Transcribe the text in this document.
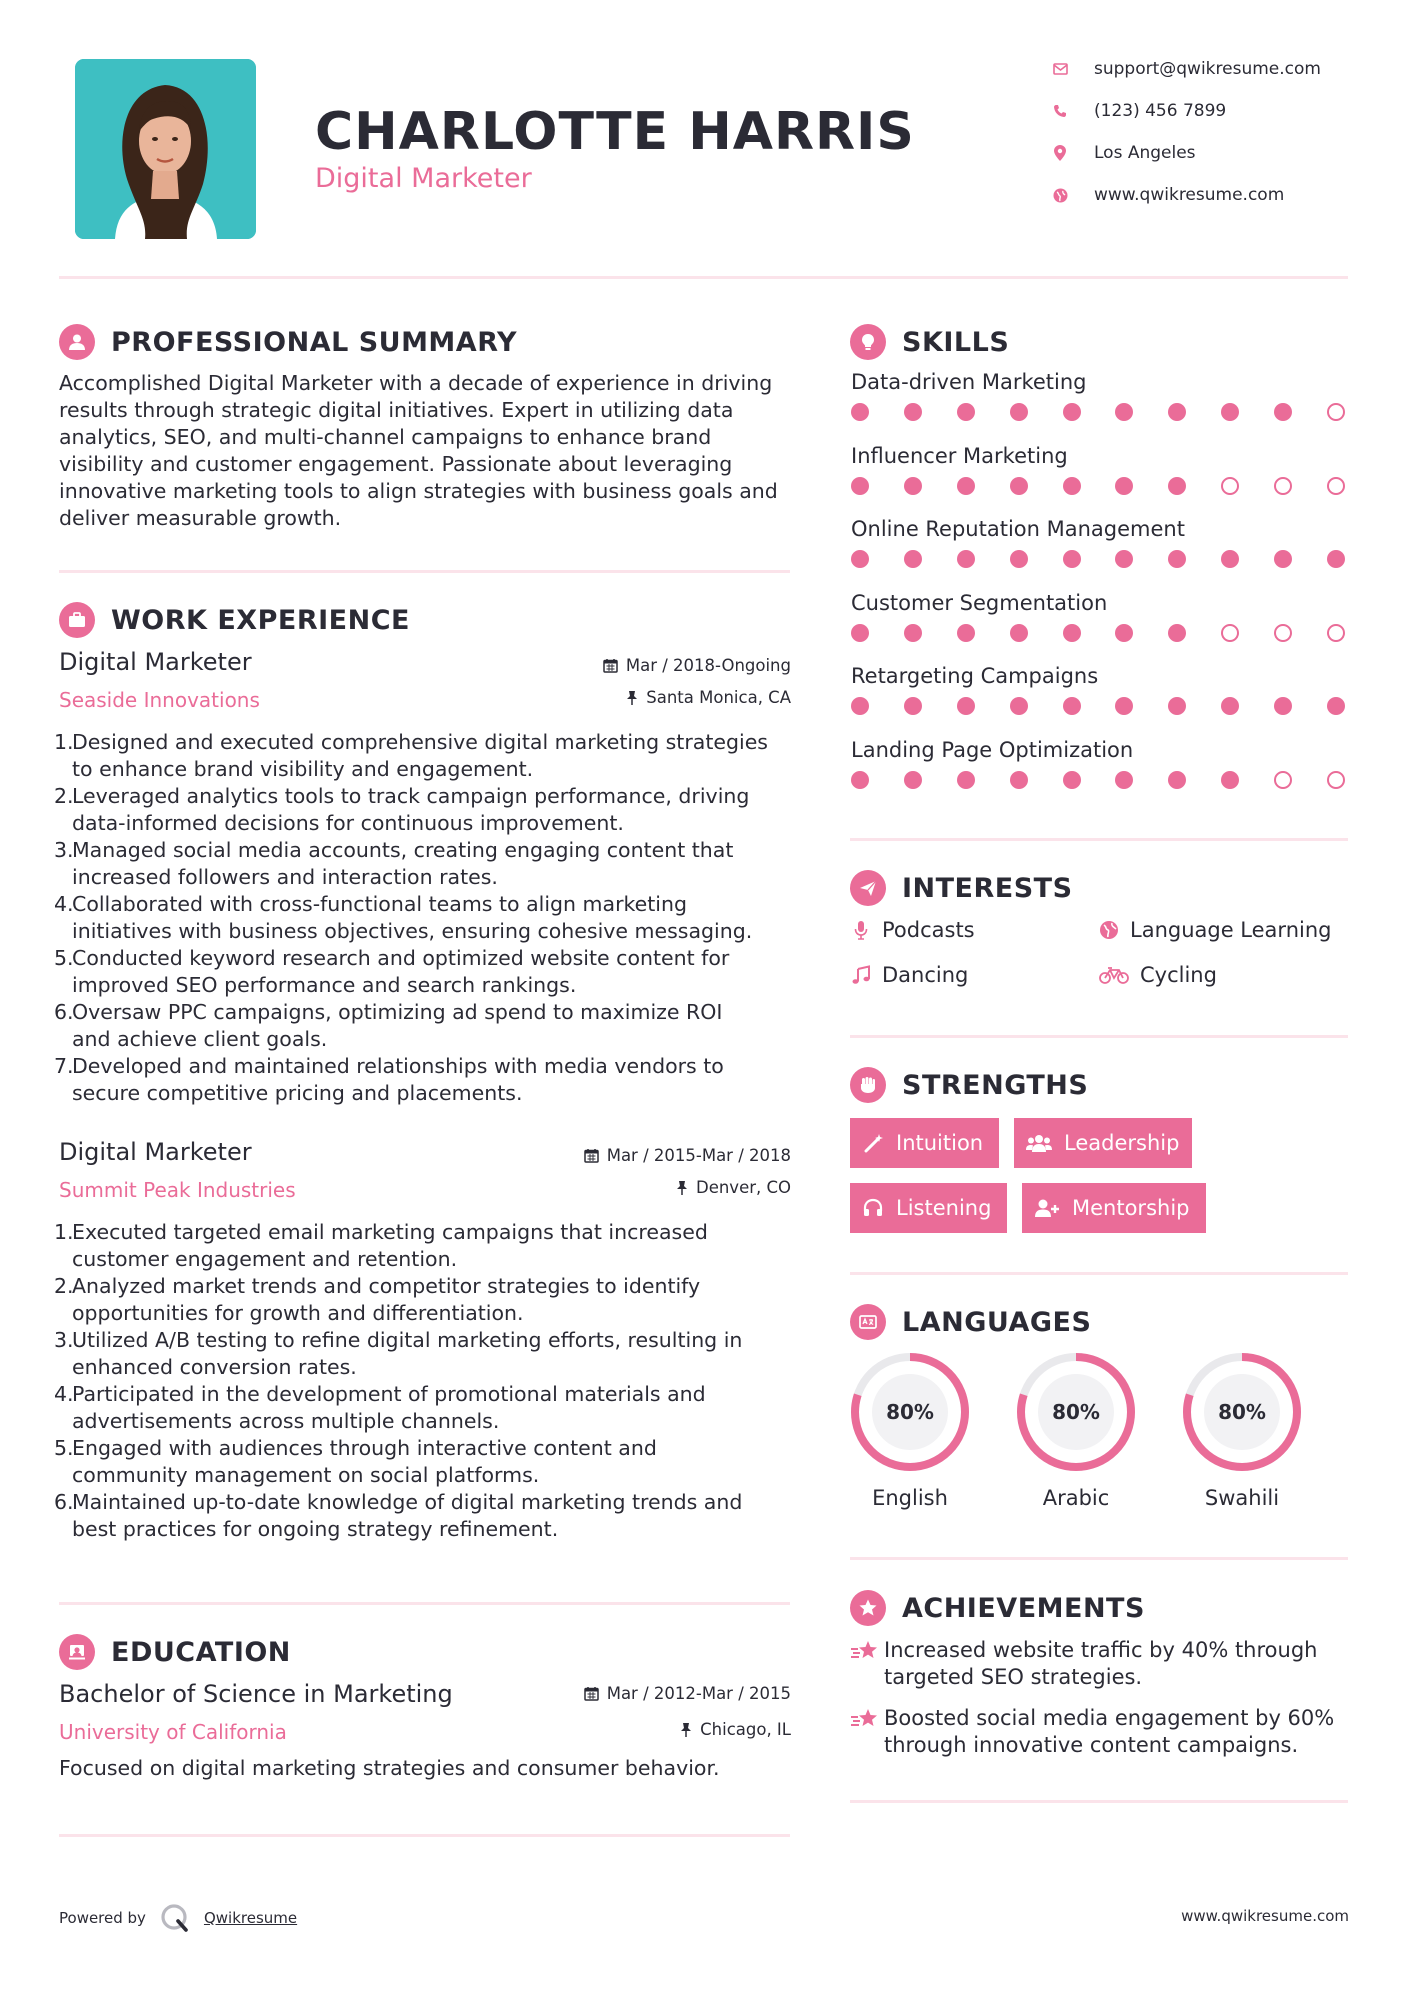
CHARLOTTE HARRIS
Digital Marketer
support@qwikresume.com
(123) 456 7899
Los Angeles
www.qwikresume.com
PROFESSIONAL SUMMARY
Accomplished Digital Marketer with a decade of experience in driving
results through strategic digital initiatives. Expert in utilizing data
analytics, SEO, and multi-channel campaigns to enhance brand
visibility and customer engagement. Passionate about leveraging
innovative marketing tools to align strategies with business goals and
deliver measurable growth.
WORK EXPERIENCE
Digital Marketer
Seaside Innovations
Mar / 2018-Ongoing
Santa Monica, CA
1.
Designed and executed comprehensive digital marketing strategies
to enhance brand visibility and engagement.
2.
Leveraged analytics tools to track campaign performance, driving
data-informed decisions for continuous improvement.
3.
Managed social media accounts, creating engaging content that
increased followers and interaction rates.
4.
Collaborated with cross-functional teams to align marketing
initiatives with business objectives, ensuring cohesive messaging.
5.
Conducted keyword research and optimized website content for
improved SEO performance and search rankings.
6.
Oversaw PPC campaigns, optimizing ad spend to maximize ROI
and achieve client goals.
7.
Developed and maintained relationships with media vendors to
secure competitive pricing and placements.
Digital Marketer
Summit Peak Industries
Mar / 2015-Mar / 2018
Denver, CO
1.
Executed targeted email marketing campaigns that increased
customer engagement and retention.
2.
Analyzed market trends and competitor strategies to identify
opportunities for growth and differentiation.
3.
Utilized A/B testing to refine digital marketing efforts, resulting in
enhanced conversion rates.
4.
Participated in the development of promotional materials and
advertisements across multiple channels.
5.
Engaged with audiences through interactive content and
community management on social platforms.
6.
Maintained up-to-date knowledge of digital marketing trends and
best practices for ongoing strategy refinement.
EDUCATION
Bachelor of Science in Marketing
University of California
Mar / 2012-Mar / 2015
Chicago, IL
Focused on digital marketing strategies and consumer behavior.
SKILLS
Data-driven Marketing
Influencer Marketing
Online Reputation Management
Customer Segmentation
Retargeting Campaigns
Landing Page Optimization
INTERESTS
Podcasts	Language Learning
Dancing	Cycling
STRENGTHS
Intuition	Leadership
Listening	Mentorship
LANGUAGES
80%	80%	80%
English	Arabic	Swahili
ACHIEVEMENTS
Increased website traffic by 40% through
targeted SEO strategies.
Boosted social media engagement by 60%
through innovative content campaigns.
Powered by	Qwikresume	www.qwikresume.com
